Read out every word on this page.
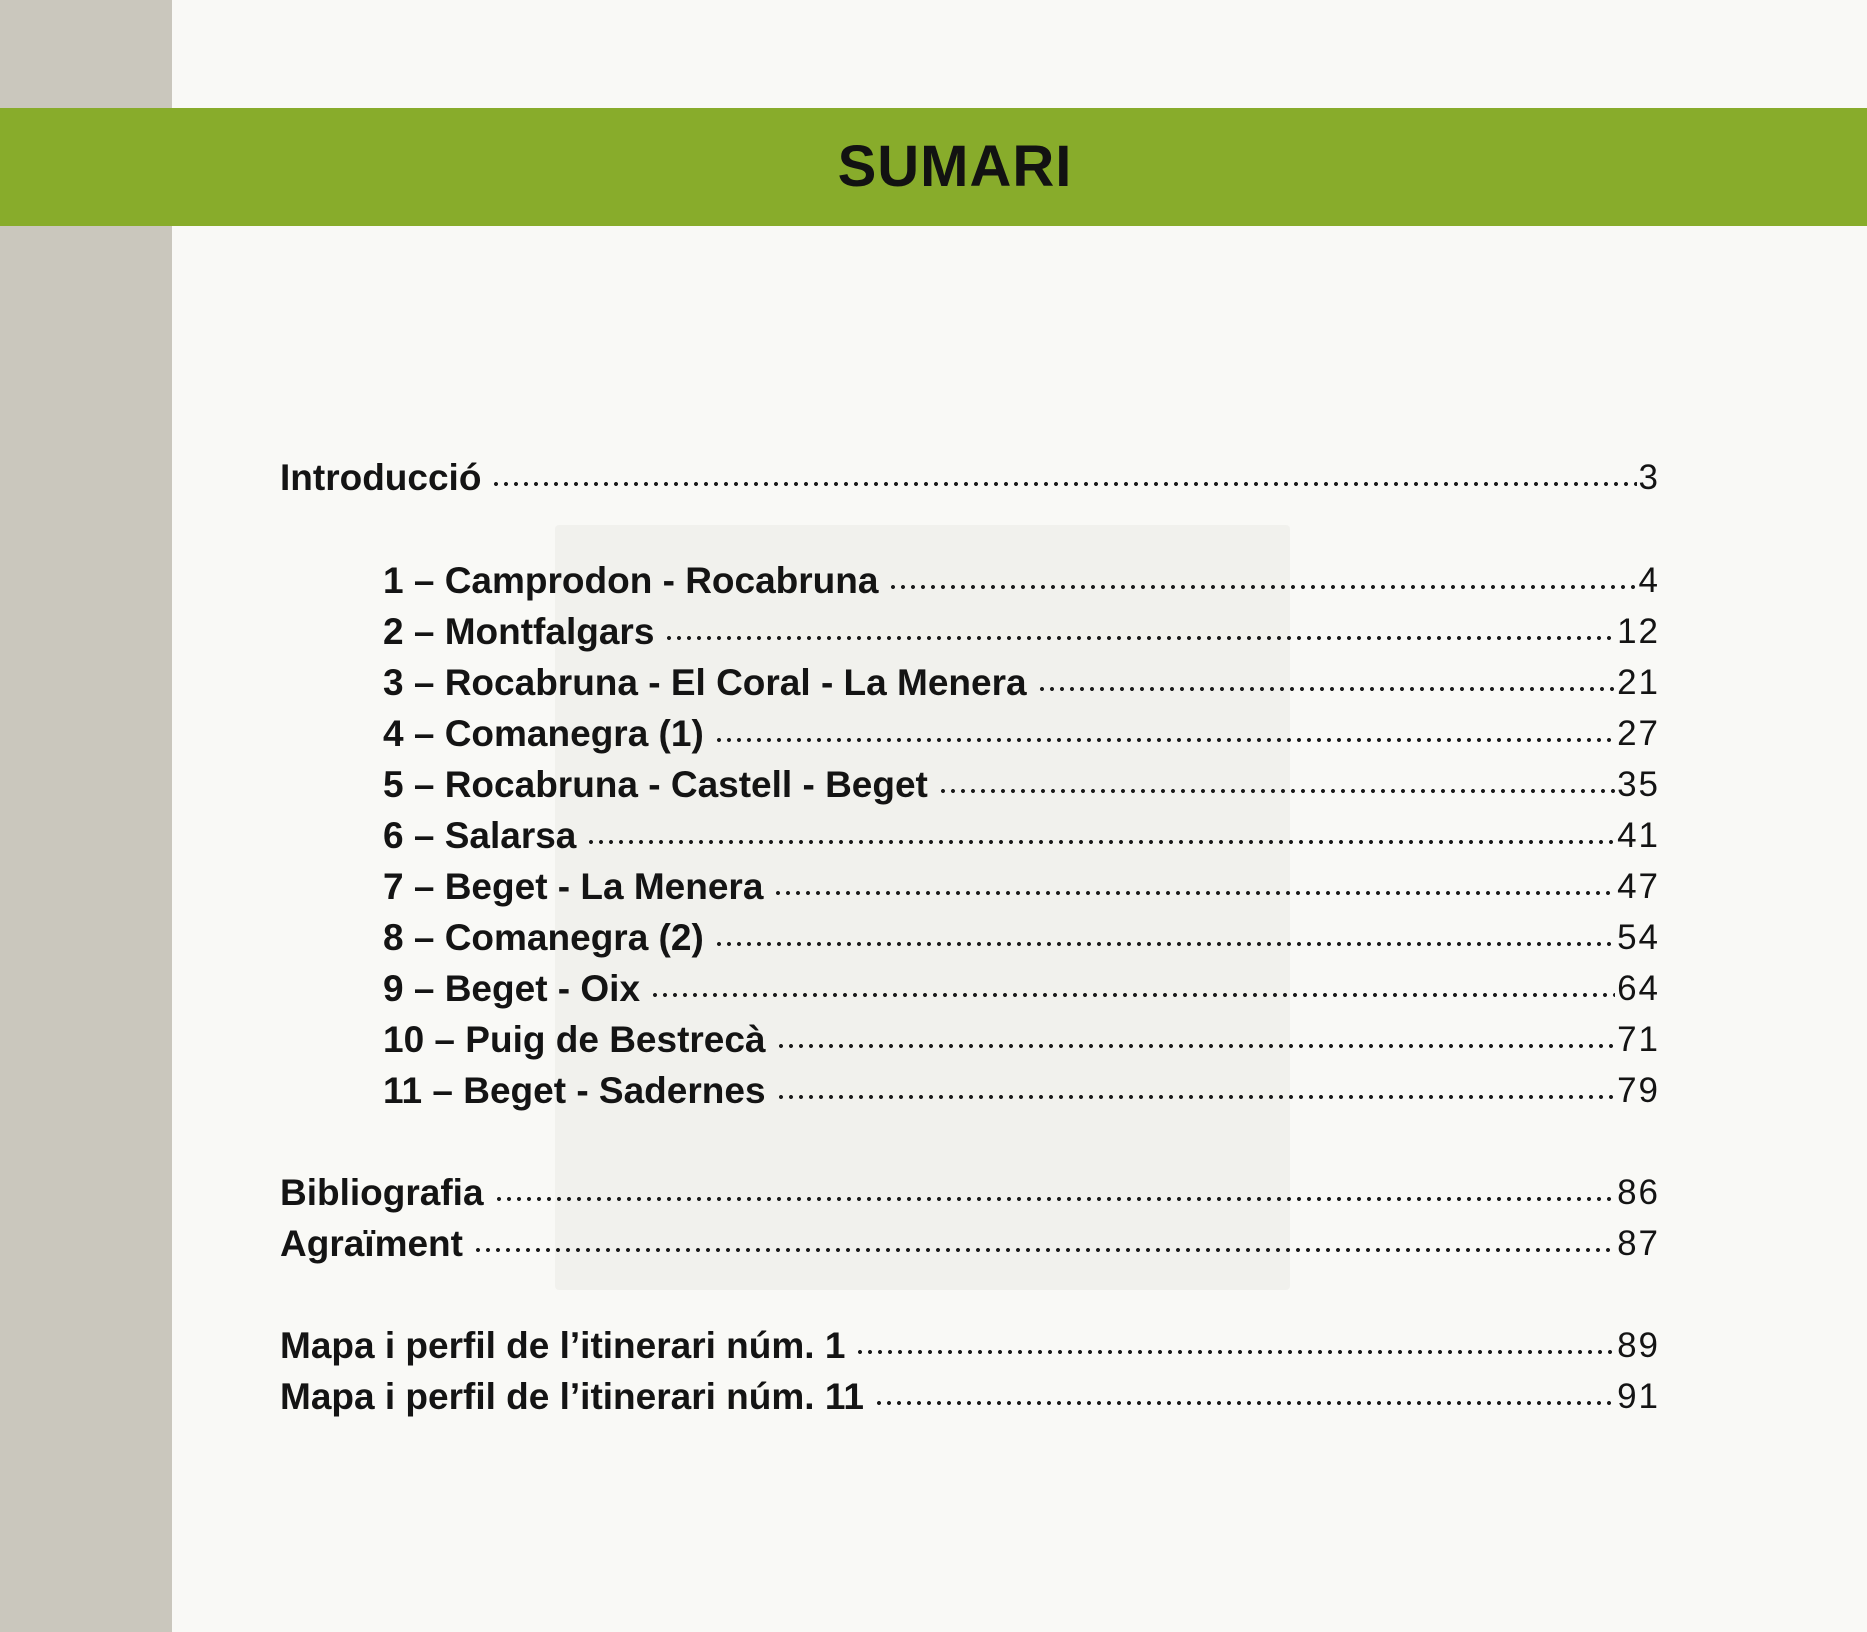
SUMARI
Introducció	3
1 – Camprodon - Rocabruna	4
2 – Montfalgars	12
3 – Rocabruna - El Coral - La Menera	21
4 – Comanegra (1)	27
5 – Rocabruna - Castell - Beget	35
6 – Salarsa	41
7 – Beget - La Menera	47
8 – Comanegra (2)	54
9 – Beget - Oix	64
10 – Puig de Bestrecà	71
11 – Beget - Sadernes	79
Bibliografia	86
Agraïment	87
Mapa i perfil de l’itinerari núm. 1	89
Mapa i perfil de l’itinerari núm. 11	91
